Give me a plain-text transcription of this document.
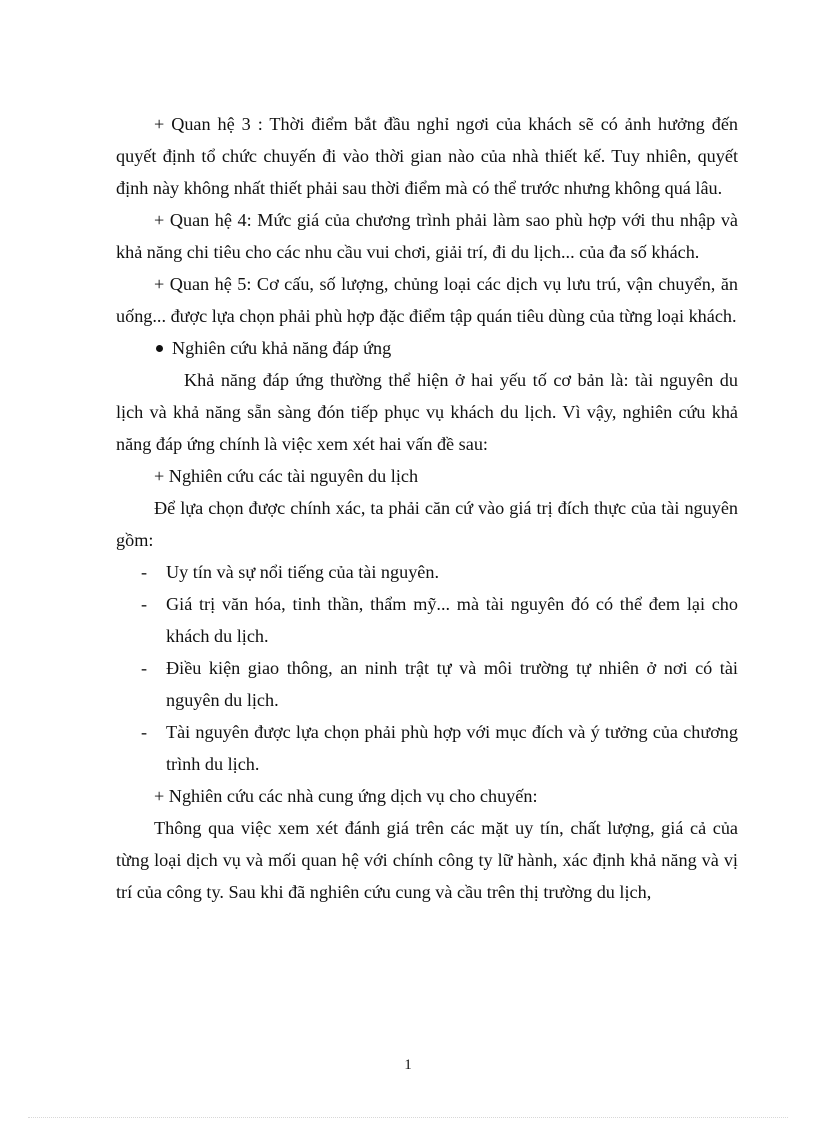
+ Quan hệ 3 : Thời điểm bắt đầu nghỉ ngơi của khách sẽ có ảnh hưởng đến quyết định tổ chức chuyến đi vào thời gian nào của nhà thiết kế. Tuy nhiên, quyết định này không nhất thiết phải sau thời điểm mà có thể trước nhưng không quá lâu.

+ Quan hệ 4: Mức giá của chương trình phải làm sao phù hợp với thu nhập và khả năng chi tiêu cho các nhu cầu vui chơi, giải trí, đi du lịch... của đa số khách.

+ Quan hệ 5: Cơ cấu, số lượng, chủng loại các dịch vụ lưu trú, vận chuyển, ăn uống... được lựa chọn phải phù hợp đặc điểm tập quán tiêu dùng của từng loại khách.

Nghiên cứu khả năng đáp ứng

Khả năng đáp ứng thường thể hiện ở hai yếu tố cơ bản là: tài nguyên du lịch và khả năng sẵn sàng đón tiếp phục vụ khách du lịch. Vì vậy, nghiên cứu khả năng đáp ứng chính là việc xem xét hai vấn đề sau:

+ Nghiên cứu các tài nguyên du lịch

Để lựa chọn được chính xác, ta phải căn cứ vào giá trị đích thực của tài nguyên gồm:

- Uy tín và sự nổi tiếng của tài nguyên.
- Giá trị văn hóa, tinh thần, thẩm mỹ... mà tài nguyên đó có thể đem lại cho khách du lịch.
- Điều kiện giao thông, an ninh trật tự và môi trường tự nhiên ở nơi có tài nguyên du lịch.
- Tài nguyên được lựa chọn phải phù hợp với mục đích và ý tưởng của chương trình du lịch.

+ Nghiên cứu các nhà cung ứng dịch vụ cho chuyến:

Thông qua việc xem xét đánh giá trên các mặt uy tín, chất lượng, giá cả của từng loại dịch vụ và mối quan hệ với chính công ty lữ hành, xác định khả năng và vị trí của công ty. Sau khi đã nghiên cứu cung và cầu trên thị trường du lịch,

1
